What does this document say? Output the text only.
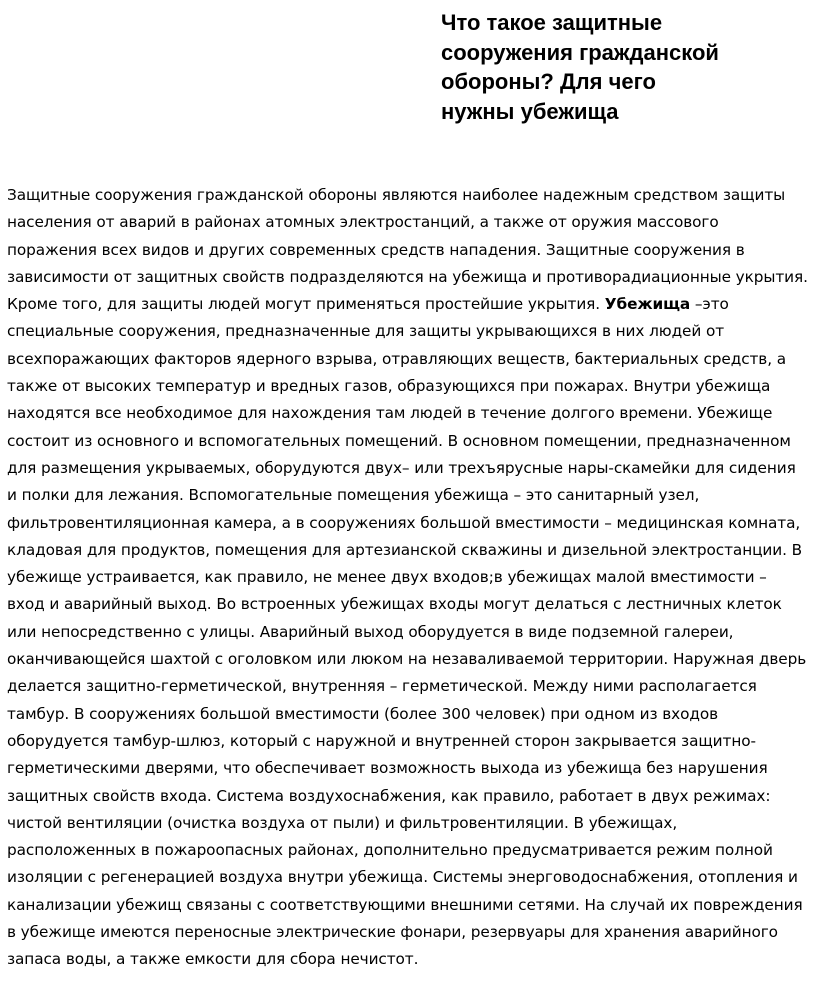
Что такое защитные сооружения гражданской обороны? Для чего нужны убежища

Защитные сооружения гражданской обороны являются наиболее надежным средством защиты населения от аварий в районах атомных электростанций, а также от оружия массового поражения всех видов и других современных средств нападения. Защитные сооружения в зависимости от защитных свойств подразделяются на убежища и противорадиационные укрытия. Кроме того, для защиты людей могут применяться простейшие укрытия. Убежища –это специальные сооружения, предназначенные для защиты укрывающихся в них людей от всехпоражающих факторов ядерного взрыва, отравляющих веществ, бактериальных средств, а также от высоких температур и вредных газов, образующихся при пожарах. Внутри убежища находятся все необходимое для нахождения там людей в течение долгого времени. Убежище состоит из основного и вспомогательных помещений. В основном помещении, предназначенном для размещения укрываемых, оборудуются двух– или трехъярусные нары-скамейки для сидения и полки для лежания. Вспомогательные помещения убежища – это санитарный узел, фильтровентиляционная камера, а в сооружениях большой вместимости – медицинская комната, кладовая для продуктов, помещения для артезианской скважины и дизельной электростанции. В убежище устраивается, как правило, не менее двух входов;в убежищах малой вместимости – вход и аварийный выход. Во встроенных убежищах входы могут делаться с лестничных клеток или непосредственно с улицы. Аварийный выход оборудуется в виде подземной галереи, оканчивающейся шахтой с оголовком или люком на незаваливаемой территории. Наружная дверь делается защитно-герметической, внутренняя – герметической. Между ними располагается тамбур. В сооружениях большой вместимости (более 300 человек) при одном из входов оборудуется тамбур-шлюз, который с наружной и внутренней сторон закрывается защитно-герметическими дверями, что обеспечивает возможность выхода из убежища без нарушения защитных свойств входа. Система воздухоснабжения, как правило, работает в двух режимах: чистой вентиляции (очистка воздуха от пыли) и фильтровентиляции. В убежищах, расположенных в пожароопасных районах, дополнительно предусматривается режим полной изоляции с регенерацией воздуха внутри убежища. Системы энерговодоснабжения, отопления и канализации убежищ связаны с соответствующими внешними сетями. На случай их повреждения в убежище имеются переносные электрические фонари, резервуары для хранения аварийного запаса воды, а также емкости для сбора нечистот.
